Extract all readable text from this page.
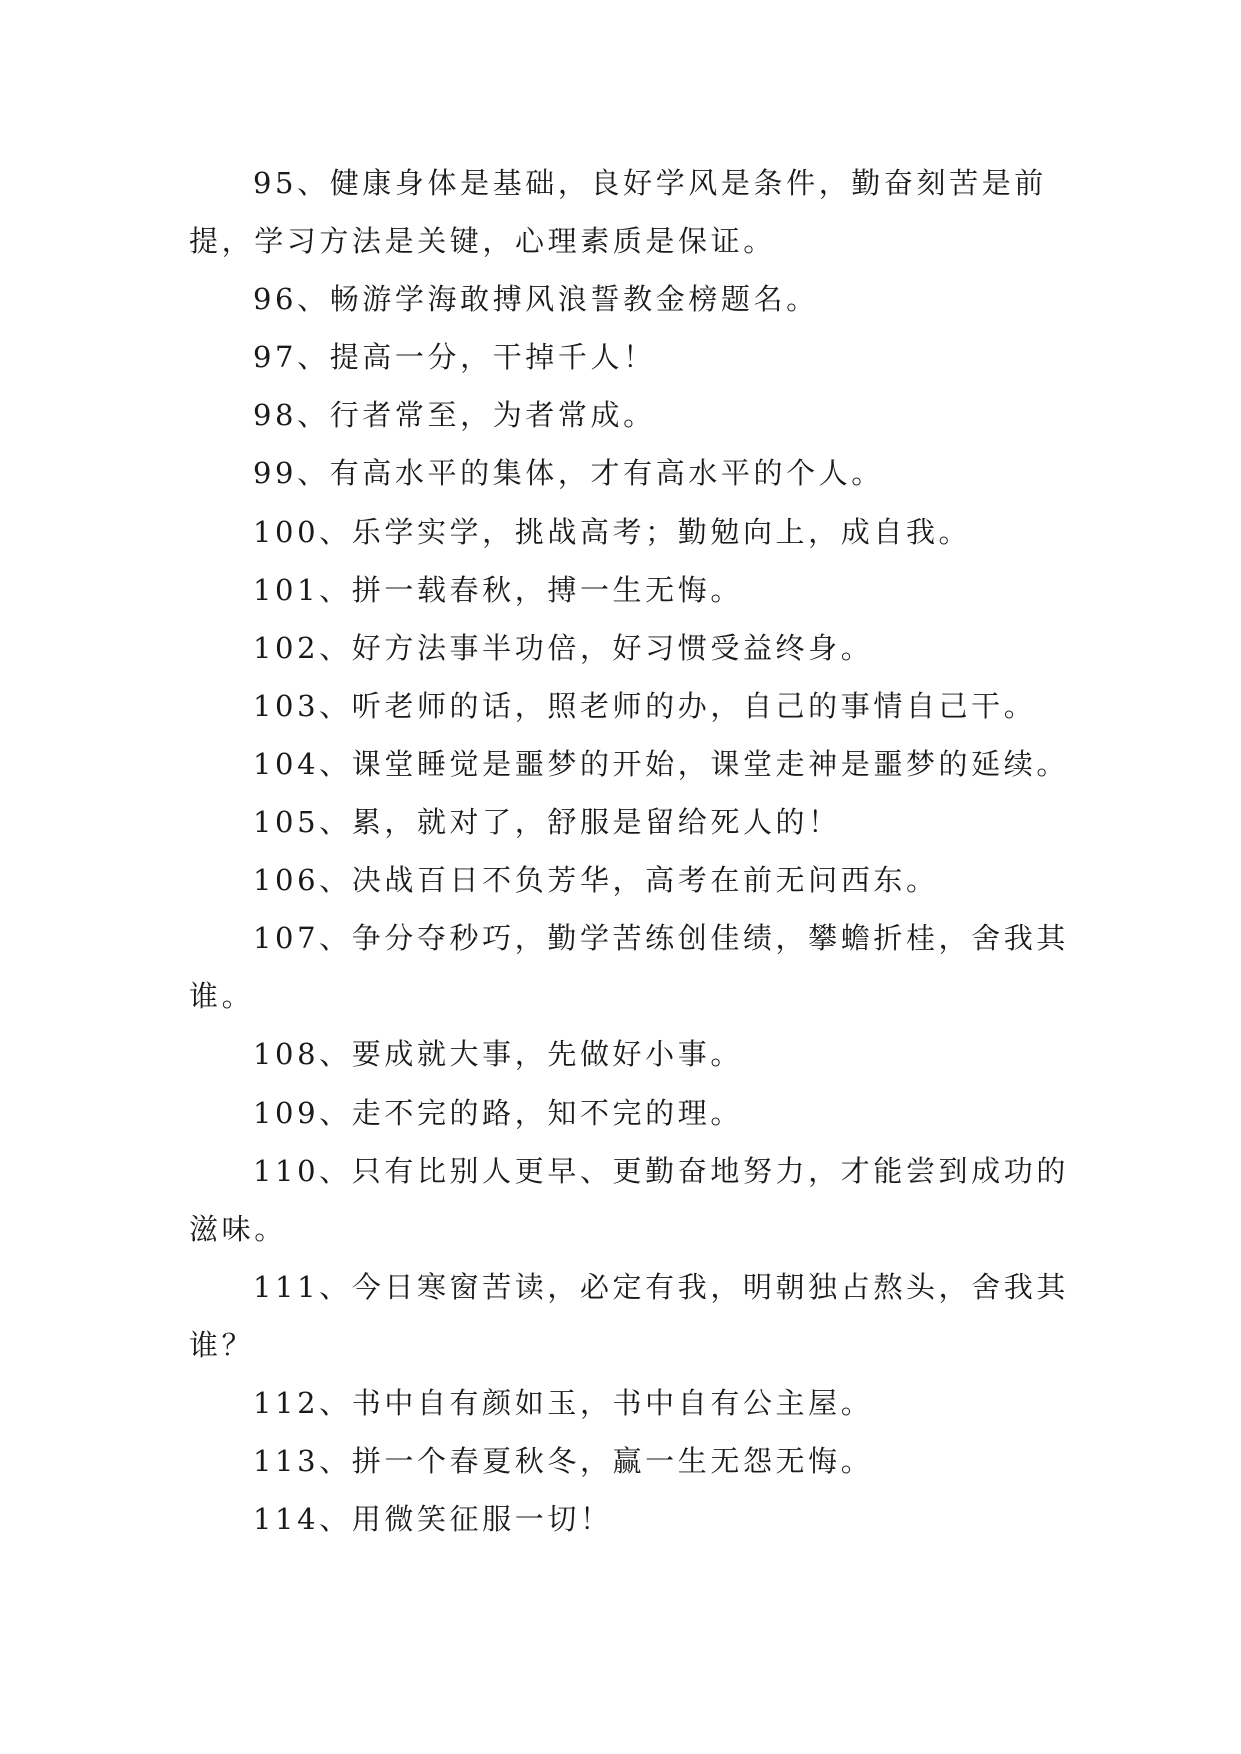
95、健康身体是基础，良好学风是条件，勤奋刻苦是前提，学习方法是关键，心理素质是保证。

96、畅游学海敢搏风浪誓教金榜题名。

97、提高一分，干掉千人！

98、行者常至，为者常成。

99、有高水平的集体，才有高水平的个人。

100、乐学实学，挑战高考；勤勉向上，成自我。

101、拼一载春秋，搏一生无悔。

102、好方法事半功倍，好习惯受益终身。

103、听老师的话，照老师的办，自己的事情自己干。

104、课堂睡觉是噩梦的开始，课堂走神是噩梦的延续。

105、累，就对了，舒服是留给死人的！

106、决战百日不负芳华，高考在前无问西东。

107、争分夺秒巧，勤学苦练创佳绩，攀蟾折桂，舍我其谁。

108、要成就大事，先做好小事。

109、走不完的路，知不完的理。

110、只有比别人更早、更勤奋地努力，才能尝到成功的滋味。

111、今日寒窗苦读，必定有我，明朝独占熬头，舍我其谁？

112、书中自有颜如玉，书中自有公主屋。

113、拼一个春夏秋冬，赢一生无怨无悔。

114、用微笑征服一切！
